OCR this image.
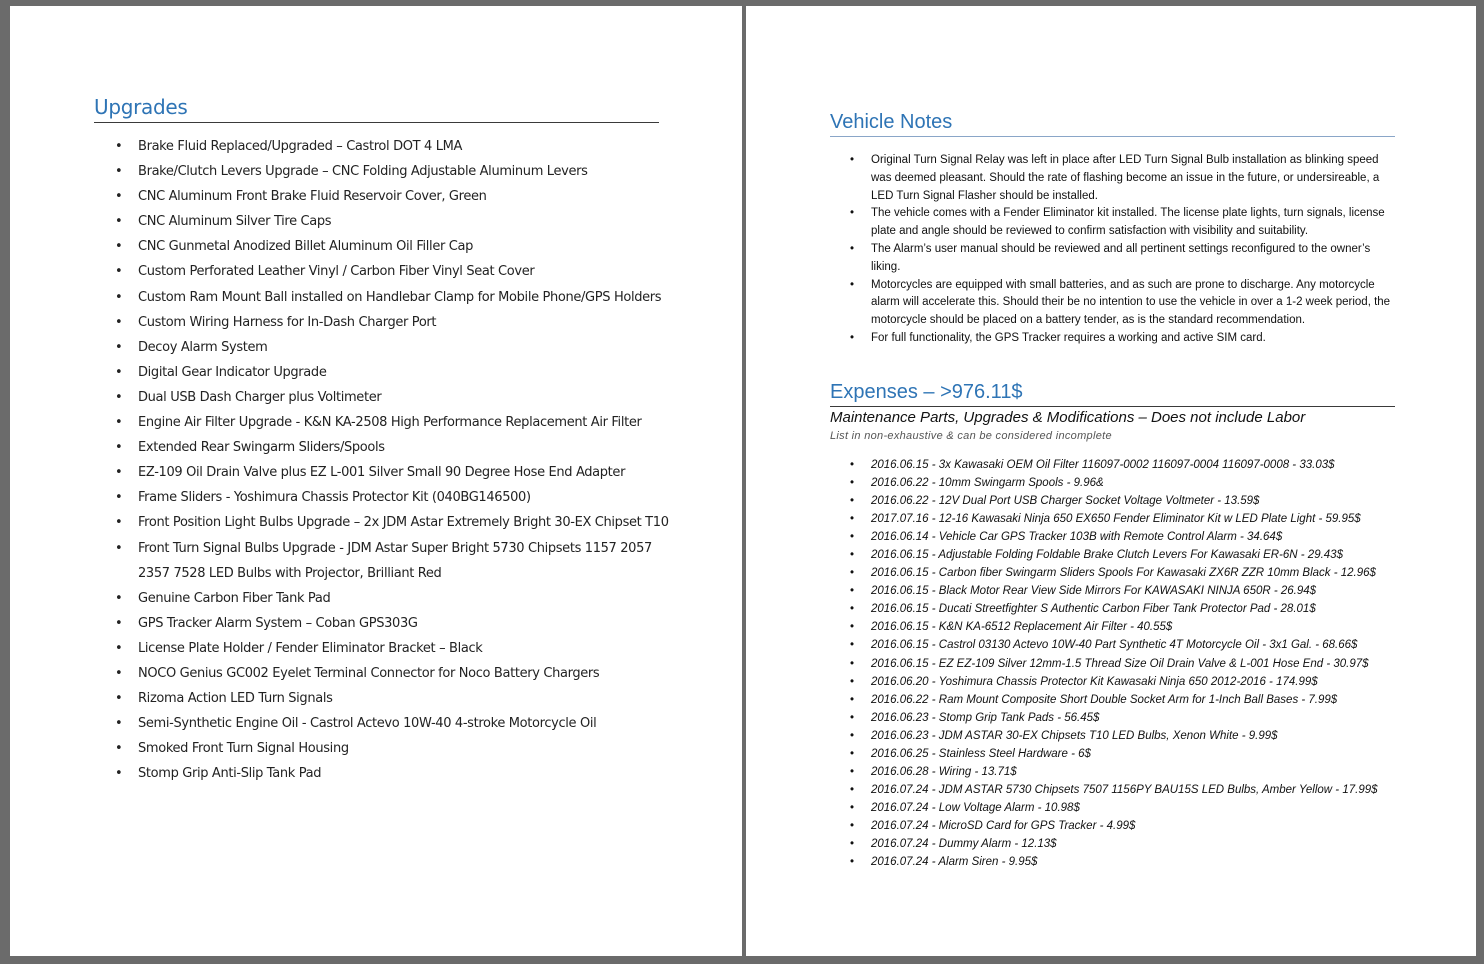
Upgrades
• Brake Fluid Replaced/Upgraded – Castrol DOT 4 LMA
• Brake/Clutch Levers Upgrade – CNC Folding Adjustable Aluminum Levers
• CNC Aluminum Front Brake Fluid Reservoir Cover, Green
• CNC Aluminum Silver Tire Caps
• CNC Gunmetal Anodized Billet Aluminum Oil Filler Cap
• Custom Perforated Leather Vinyl / Carbon Fiber Vinyl Seat Cover
• Custom Ram Mount Ball installed on Handlebar Clamp for Mobile Phone/GPS Holders
• Custom Wiring Harness for In-Dash Charger Port
• Decoy Alarm System
• Digital Gear Indicator Upgrade
• Dual USB Dash Charger plus Voltimeter
• Engine Air Filter Upgrade - K&N KA-2508 High Performance Replacement Air Filter
• Extended Rear Swingarm Sliders/Spools
• EZ-109 Oil Drain Valve plus EZ L-001 Silver Small 90 Degree Hose End Adapter
• Frame Sliders - Yoshimura Chassis Protector Kit (040BG146500)
• Front Position Light Bulbs Upgrade – 2x JDM Astar Extremely Bright 30-EX Chipset T10
• Front Turn Signal Bulbs Upgrade - JDM Astar Super Bright 5730 Chipsets 1157 2057 2357 7528 LED Bulbs with Projector, Brilliant Red
• Genuine Carbon Fiber Tank Pad
• GPS Tracker Alarm System – Coban GPS303G
• License Plate Holder / Fender Eliminator Bracket – Black
• NOCO Genius GC002 Eyelet Terminal Connector for Noco Battery Chargers
• Rizoma Action LED Turn Signals
• Semi-Synthetic Engine Oil - Castrol Actevo 10W-40 4-stroke Motorcycle Oil
• Smoked Front Turn Signal Housing
• Stomp Grip Anti-Slip Tank Pad
Vehicle Notes
• Original Turn Signal Relay was left in place after LED Turn Signal Bulb installation as blinking speed was deemed pleasant. Should the rate of flashing become an issue in the future, or undersireable, a LED Turn Signal Flasher should be installed.
• The vehicle comes with a Fender Eliminator kit installed. The license plate lights, turn signals, license plate and angle should be reviewed to confirm satisfaction with visibility and suitability.
• The Alarm’s user manual should be reviewed and all pertinent settings reconfigured to the owner’s liking.
• Motorcycles are equipped with small batteries, and as such are prone to discharge. Any motorcycle alarm will accelerate this. Should their be no intention to use the vehicle in over a 1-2 week period, the motorcycle should be placed on a battery tender, as is the standard recommendation.
• For full functionality, the GPS Tracker requires a working and active SIM card.
Expenses – >976.11$
Maintenance Parts, Upgrades & Modifications – Does not include Labor
List in non-exhaustive & can be considered incomplete
• 2016.06.15 - 3x Kawasaki OEM Oil Filter 116097-0002 116097-0004 116097-0008 - 33.03$
• 2016.06.22 - 10mm Swingarm Spools - 9.96&
• 2016.06.22 - 12V Dual Port USB Charger Socket Voltage Voltmeter - 13.59$
• 2017.07.16 - 12-16 Kawasaki Ninja 650 EX650 Fender Eliminator Kit w LED Plate Light - 59.95$
• 2016.06.14 - Vehicle Car GPS Tracker 103B with Remote Control Alarm - 34.64$
• 2016.06.15 - Adjustable Folding Foldable Brake Clutch Levers For Kawasaki ER-6N - 29.43$
• 2016.06.15 - Carbon fiber Swingarm Sliders Spools For Kawasaki ZX6R ZZR 10mm Black - 12.96$
• 2016.06.15 - Black Motor Rear View Side Mirrors For KAWASAKI NINJA 650R - 26.94$
• 2016.06.15 - Ducati Streetfighter S Authentic Carbon Fiber Tank Protector Pad - 28.01$
• 2016.06.15 - K&N KA-6512 Replacement Air Filter - 40.55$
• 2016.06.15 - Castrol 03130 Actevo 10W-40 Part Synthetic 4T Motorcycle Oil - 3x1 Gal. - 68.66$
• 2016.06.15 - EZ EZ-109 Silver 12mm-1.5 Thread Size Oil Drain Valve & L-001 Hose End - 30.97$
• 2016.06.20 - Yoshimura Chassis Protector Kit Kawasaki Ninja 650 2012-2016 - 174.99$
• 2016.06.22 - Ram Mount Composite Short Double Socket Arm for 1-Inch Ball Bases - 7.99$
• 2016.06.23 - Stomp Grip Tank Pads - 56.45$
• 2016.06.23 - JDM ASTAR 30-EX Chipsets T10 LED Bulbs, Xenon White - 9.99$
• 2016.06.25 - Stainless Steel Hardware - 6$
• 2016.06.28 - Wiring - 13.71$
• 2016.07.24 - JDM ASTAR 5730 Chipsets 7507 1156PY BAU15S LED Bulbs, Amber Yellow - 17.99$
• 2016.07.24 - Low Voltage Alarm - 10.98$
• 2016.07.24 - MicroSD Card for GPS Tracker - 4.99$
• 2016.07.24 - Dummy Alarm - 12.13$
• 2016.07.24 - Alarm Siren - 9.95$
